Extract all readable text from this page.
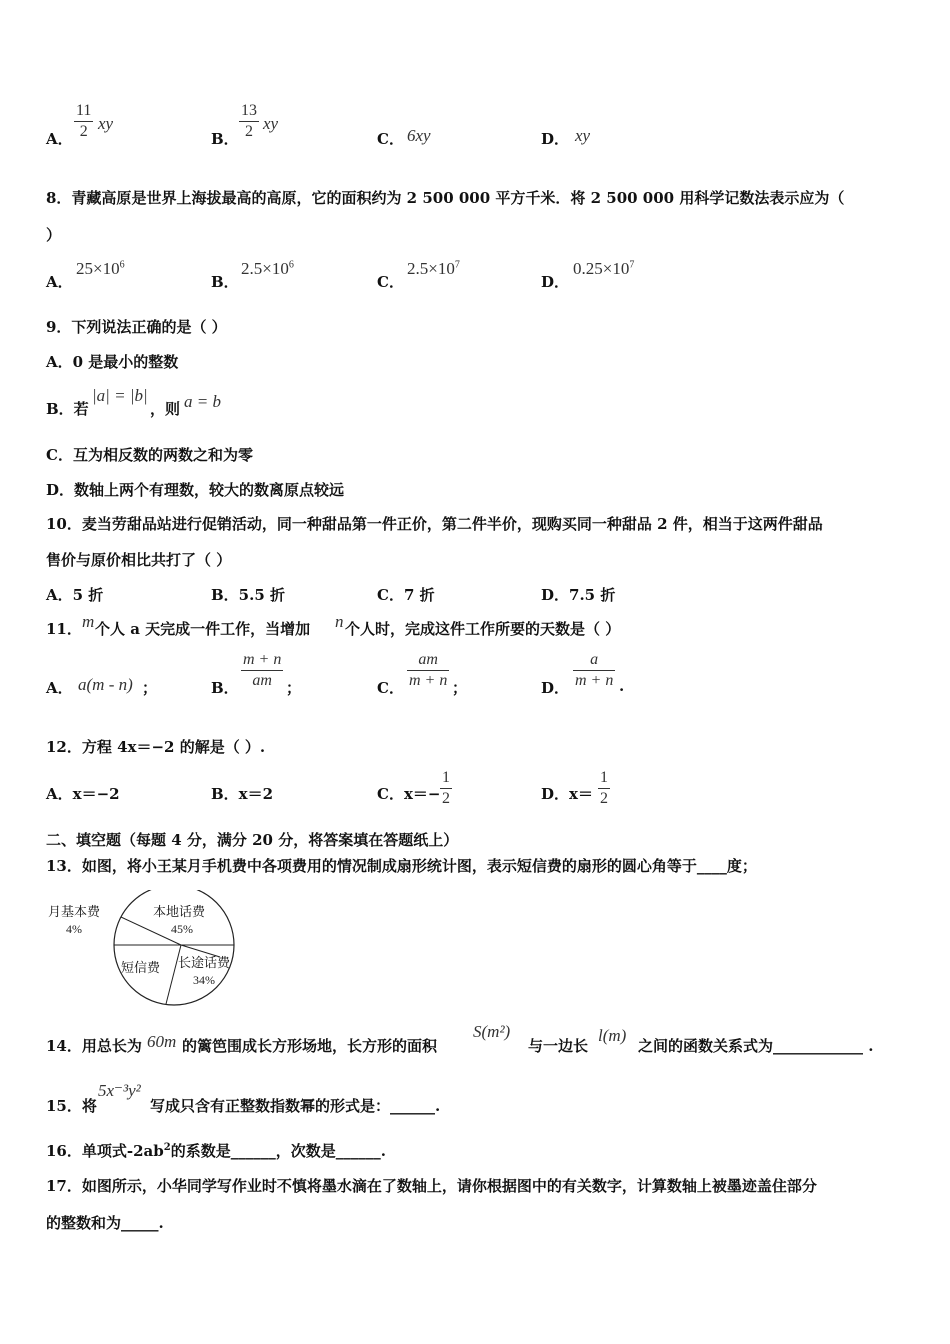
A．
11
2 xy
B．
13
2 xy
C． 6xy	D． xy
8．青藏高原是世界上海拔最高的高原，它的面积约为 2 500 000 平方千米．将 2 500 000 用科学记数法表示应为（
）
A．
$25\times 10^6$
B．
$2.5\times 10^6$
C．
$2.5\times 10^7$
D．
$0.25\times 10^7$
9．下列说法正确的是（ ）
A．0 是最小的整数
B．若
|a| = |b|
，则 a = b
C．互为相反数的两数之和为零
D．数轴上两个有理数，较大的数离原点较远
10．麦当劳甜品站进行促销活动，同一种甜品第一件正价，第二件半价，现购买同一种甜品 2 件，相当于这两件甜品
售价与原价相比共打了（ ）
A．5 折	B．5.5 折	C．7 折	D．7.5 折
11． m 个人 a 天完成一件工作，当增加 n 个人时，完成这件工作所要的天数是（ ）
A． a(m - n) ；	B．
m + n
am ；	C．
am
m + n ；	D．
a
m + n .
12．方程 4x＝−2 的解是（ ）.
A．x＝−2	B．x＝2	C．x＝−
1
2	D．x＝
1
2
二、填空题（每题 4 分，满分 20 分，将答案填在答题纸上）
13．如图，将小王某月手机费中各项费用的情况制成扇形统计图，表示短信费的扇形的圆心角等于____度；
月基本费
4%
本地话费
45%
长途话费
34%
短信费
14．用总长为 60m 的篱笆围成长方形场地，长方形的面积
S(m²)
与一边长
l(m)
之间的函数关系式为____________ .
15．将
5x⁻³y²
写成只含有正整数指数幂的形式是：______.
16．单项式$-2ab^2$的系数是______，次数是______.
17．如图所示，小华同学写作业时不慎将墨水滴在了数轴上，请你根据图中的有关数字，计算数轴上被墨迹盖住部分
的整数和为_____.
